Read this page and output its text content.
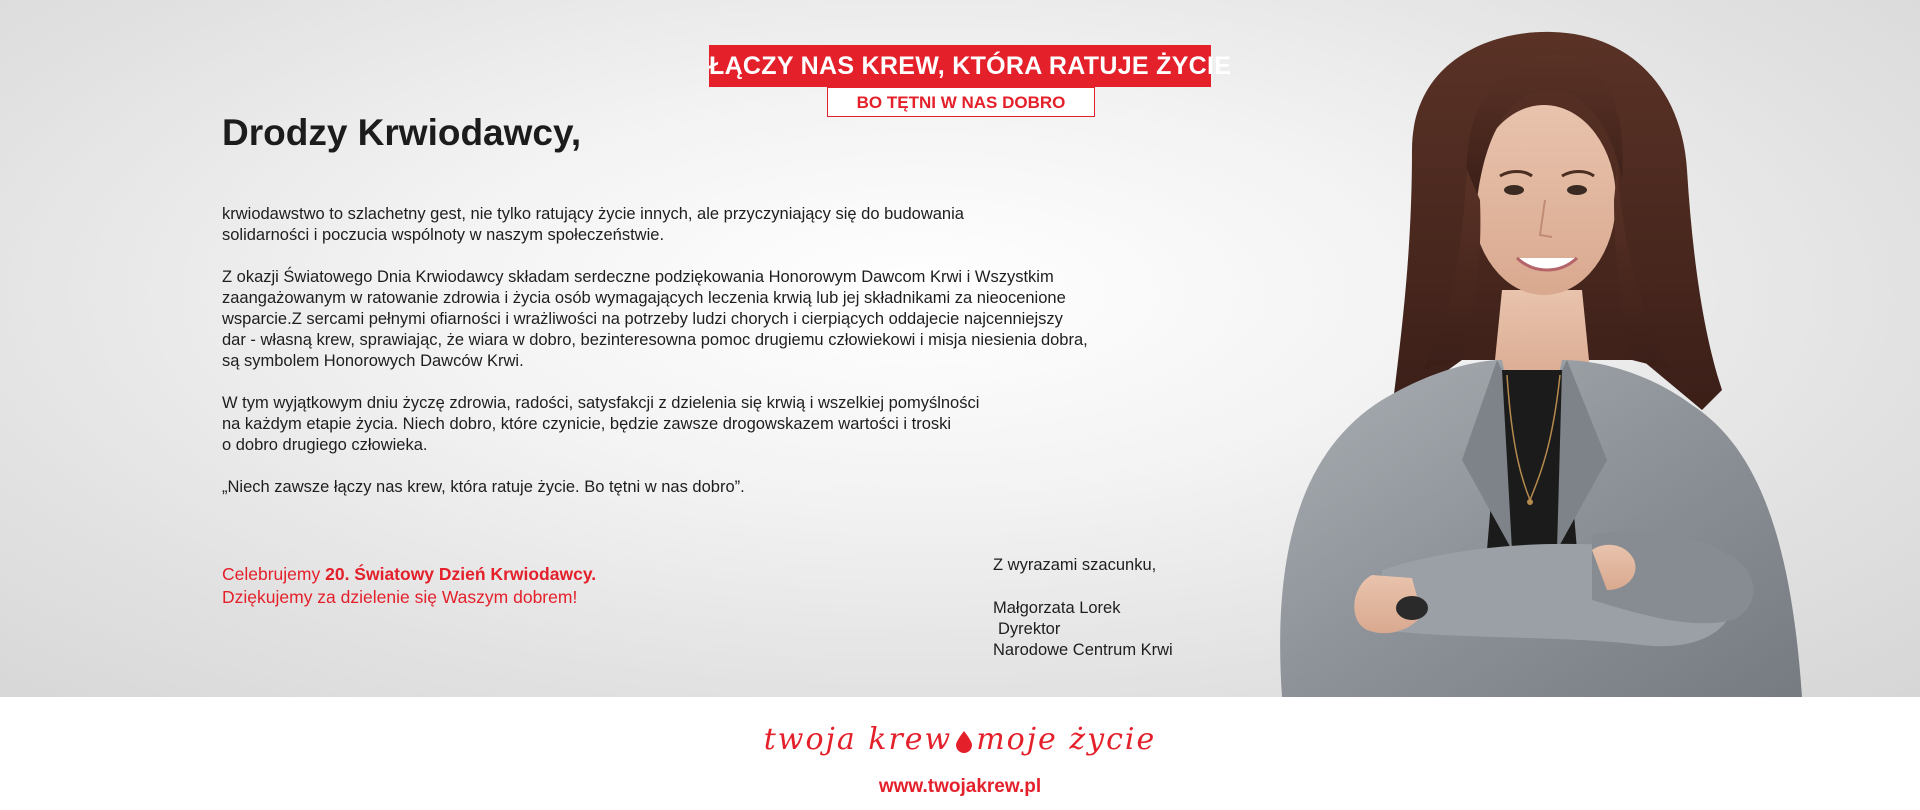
ŁĄCZY NAS KREW, KTÓRA RATUJE ŻYCIE
BO TĘTNI W NAS DOBRO
Drodzy Krwiodawcy,

krwiodawstwo to szlachetny gest, nie tylko ratujący życie innych, ale przyczyniający się do budowania
solidarności i poczucia wspólnoty w naszym społeczeństwie.

Z okazji Światowego Dnia Krwiodawcy składam serdeczne podziękowania Honorowym Dawcom Krwi i Wszystkim
zaangażowanym w ratowanie zdrowia i życia osób wymagających leczenia krwią lub jej składnikami za nieocenione
wsparcie.Z sercami pełnymi ofiarności i wrażliwości na potrzeby ludzi chorych i cierpiących oddajecie najcenniejszy
dar - własną krew, sprawiając, że wiara w dobro, bezinteresowna pomoc drugiemu człowiekowi i misja niesienia dobra,
są symbolem Honorowych Dawców Krwi.

W tym wyjątkowym dniu życzę zdrowia, radości, satysfakcji z dzielenia się krwią i wszelkiej pomyślności
na każdym etapie życia. Niech dobro, które czynicie, będzie zawsze drogowskazem wartości i troski
o dobro drugiego człowieka.

„Niech zawsze łączy nas krew, która ratuje życie. Bo tętni w nas dobro”.

Celebrujemy 20. Światowy Dzień Krwiodawcy.
Dziękujemy za dzielenie się Waszym dobrem!
Z wyrazami szacunku,
Małgorzata Lorek
Dyrektor
Narodowe Centrum Krwi
twoja krew moje życie
www.twojakrew.pl
